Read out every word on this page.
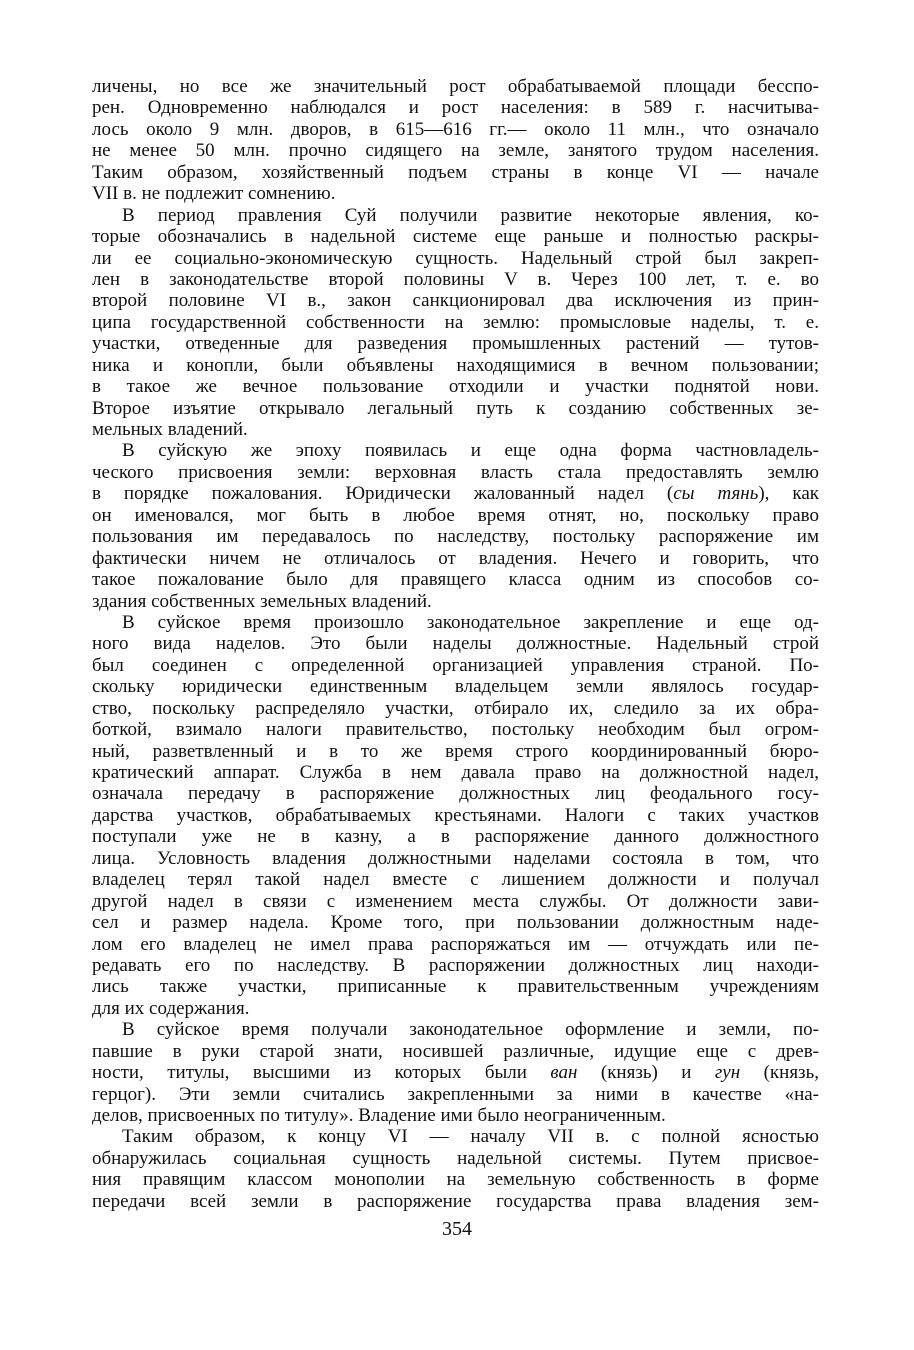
личены, но все же значительный рост обрабатываемой площади бесспо-
рен. Одновременно наблюдался и рост населения: в 589 г. насчитыва-
лось около 9 млн. дворов, в 615—616 гг.— около 11 млн., что означало
не менее 50 млн. прочно сидящего на земле, занятого трудом населения.
Таким образом, хозяйственный подъем страны в конце VI — начале
VII в. не подлежит сомнению.
В период правления Суй получили развитие некоторые явления, ко-
торые обозначались в надельной системе еще раньше и полностью раскры-
ли ее социально-экономическую сущность. Надельный строй был закреп-
лен в законодательстве второй половины V в. Через 100 лет, т. е. во
второй половине VI в., закон санкционировал два исключения из прин-
ципа государственной собственности на землю: промысловые наделы, т. е.
участки, отведенные для разведения промышленных растений — тутов-
ника и конопли, были объявлены находящимися в вечном пользовании;
в такое же вечное пользование отходили и участки поднятой нови.
Второе изъятие открывало легальный путь к созданию собственных зе-
мельных владений.
В суйскую же эпоху появилась и еще одна форма частновладель-
ческого присвоения земли: верховная власть стала предоставлять землю
в порядке пожалования. Юридически жалованный надел (сы тянь), как
он именовался, мог быть в любое время отнят, но, поскольку право
пользования им передавалось по наследству, постольку распоряжение им
фактически ничем не отличалось от владения. Нечего и говорить, что
такое пожалование было для правящего класса одним из способов со-
здания собственных земельных владений.
В суйское время произошло законодательное закрепление и еще од-
ного вида наделов. Это были наделы должностные. Надельный строй
был соединен с определенной организацией управления страной. По-
скольку юридически единственным владельцем земли являлось государ-
ство, поскольку распределяло участки, отбирало их, следило за их обра-
боткой, взимало налоги правительство, постольку необходим был огром-
ный, разветвленный и в то же время строго координированный бюро-
кратический аппарат. Служба в нем давала право на должностной надел,
означала передачу в распоряжение должностных лиц феодального госу-
дарства участков, обрабатываемых крестьянами. Налоги с таких участков
поступали уже не в казну, а в распоряжение данного должностного
лица. Условность владения должностными наделами состояла в том, что
владелец терял такой надел вместе с лишением должности и получал
другой надел в связи с изменением места службы. От должности зави-
сел и размер надела. Кроме того, при пользовании должностным наде-
лом его владелец не имел права распоряжаться им — отчуждать или пе-
редавать его по наследству. В распоряжении должностных лиц находи-
лись также участки, приписанные к правительственным учреждениям
для их содержания.
В суйское время получали законодательное оформление и земли, по-
павшие в руки старой знати, носившей различные, идущие еще с древ-
ности, титулы, высшими из которых были ван (князь) и гун (князь,
герцог). Эти земли считались закрепленными за ними в качестве «на-
делов, присвоенных по титулу». Владение ими было неограниченным.
Таким образом, к концу VI — началу VII в. с полной ясностью
обнаружилась социальная сущность надельной системы. Путем присвое-
ния правящим классом монополии на земельную собственность в форме
передачи всей земли в распоряжение государства права владения зем-
354
